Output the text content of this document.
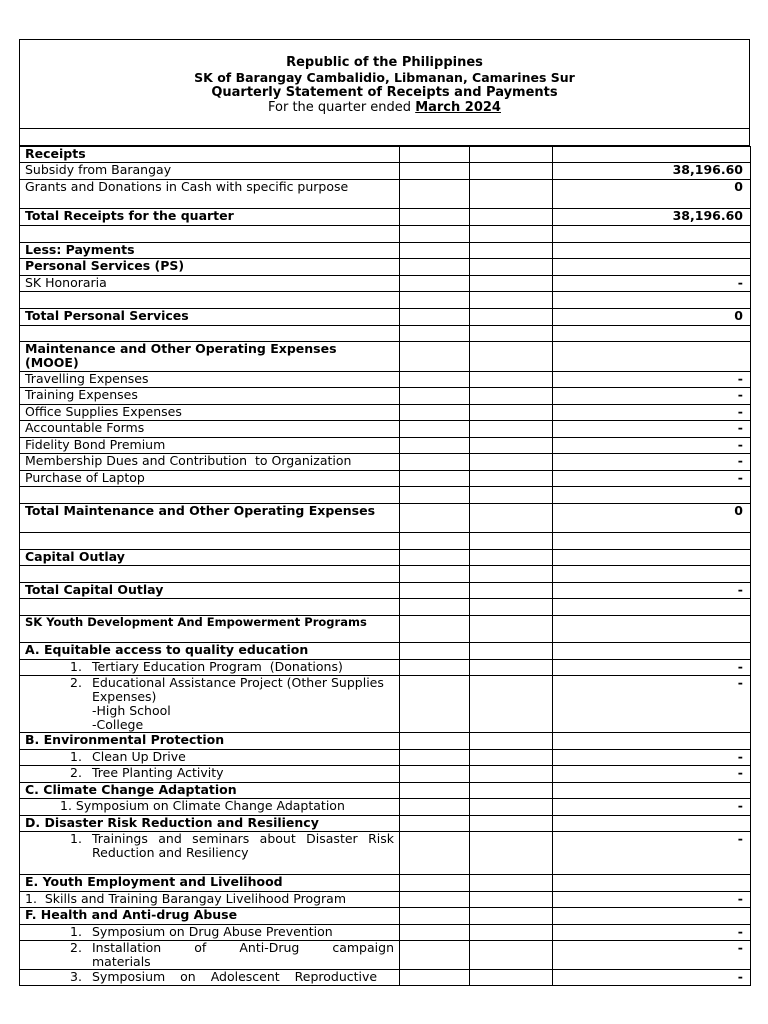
Republic of the Philippines
SK of Barangay Cambalidio, Libmanan, Camarines Sur
Quarterly Statement of Receipts and Payments
For the quarter ended March 2024
Receipts			
Subsidy from Barangay			38,196.60
Grants and Donations in Cash with specific purpose			0
Total Receipts for the quarter			38,196.60

Less: Payments			
Personal Services (PS)			
SK Honoraria			-

Total Personal Services			0

Maintenance and Other Operating Expenses (MOOE)			
Travelling Expenses			-
Training Expenses			-
Office Supplies Expenses			-
Accountable Forms			-
Fidelity Bond Premium			-
Membership Dues and Contribution  to Organization			-
Purchase of Laptop			-

Total Maintenance and Other Operating Expenses			0

Capital Outlay			

Total Capital Outlay			-

SK Youth Development And Empowerment Programs			
A. Equitable access to quality education			
1. Tertiary Education Program  (Donations)			-
2. Educational Assistance Project (Other Supplies Expenses)
-High School
-College			-
B. Environmental Protection			
1. Clean Up Drive			-
2. Tree Planting Activity			-
C. Climate Change Adaptation			
1. Symposium on Climate Change Adaptation			-
D. Disaster Risk Reduction and Resiliency			
1. Trainings and seminars about Disaster Risk Reduction and Resiliency			-
E. Youth Employment and Livelihood			
1.  Skills and Training Barangay Livelihood Program			-
F. Health and Anti-drug Abuse			
1. Symposium on Drug Abuse Prevention			-
2. Installation of Anti-Drug campaign materials			-
3. Symposium on Adolescent Reproductive			-
